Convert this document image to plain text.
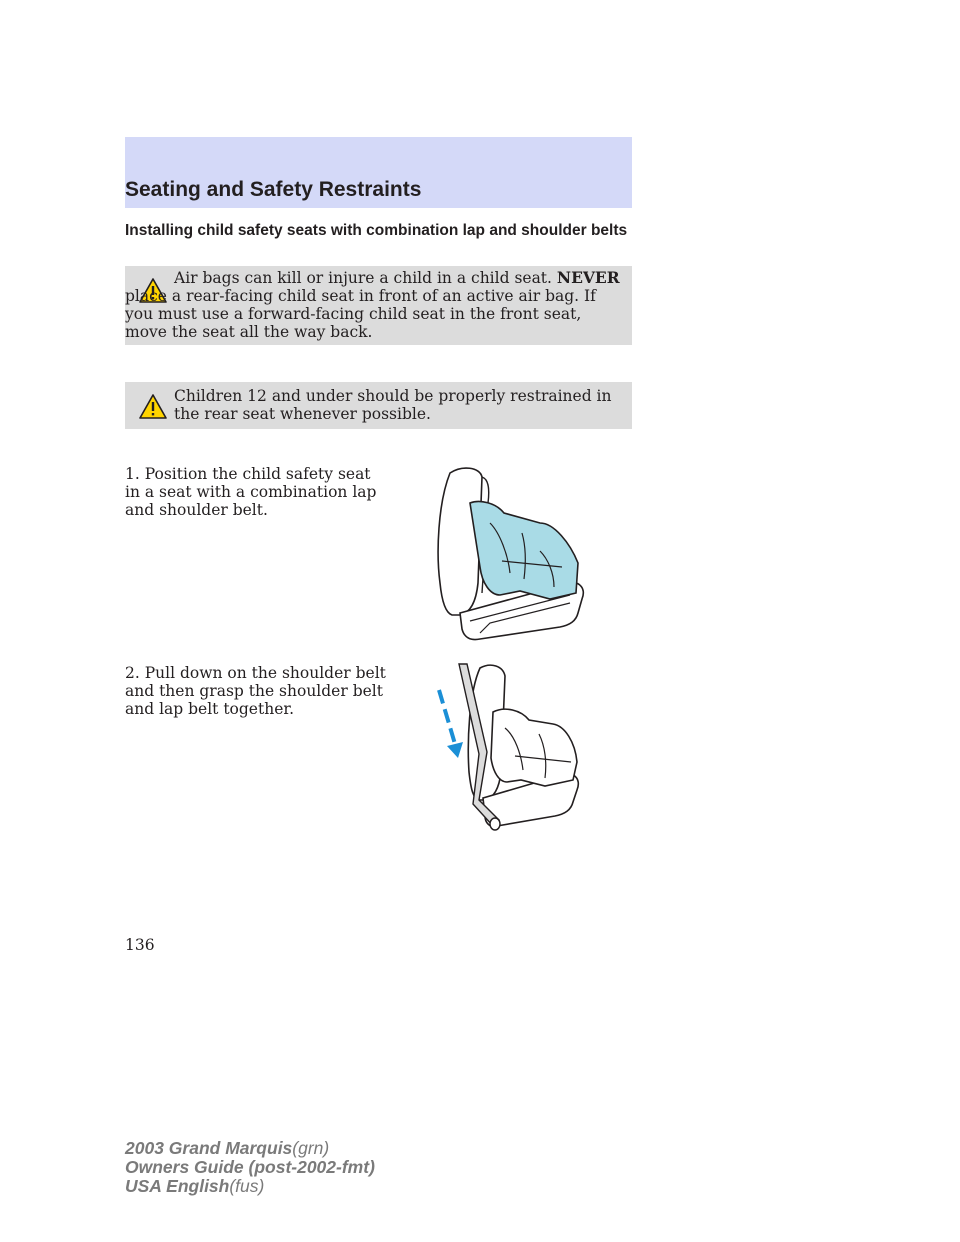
Seating and Safety Restraints
Installing child safety seats with combination lap and shoulder belts
Air bags can kill or injure a child in a child seat. NEVER place a rear-facing child seat in front of an active air bag. If you must use a forward-facing child seat in the front seat, move the seat all the way back.
Children 12 and under should be properly restrained in the rear seat whenever possible.
1. Position the child safety seat in a seat with a combination lap and shoulder belt.
2. Pull down on the shoulder belt and then grasp the shoulder belt and lap belt together.
136
2003 Grand Marquis(grn)
Owners Guide (post-2002-fmt)
USA English(fus)
